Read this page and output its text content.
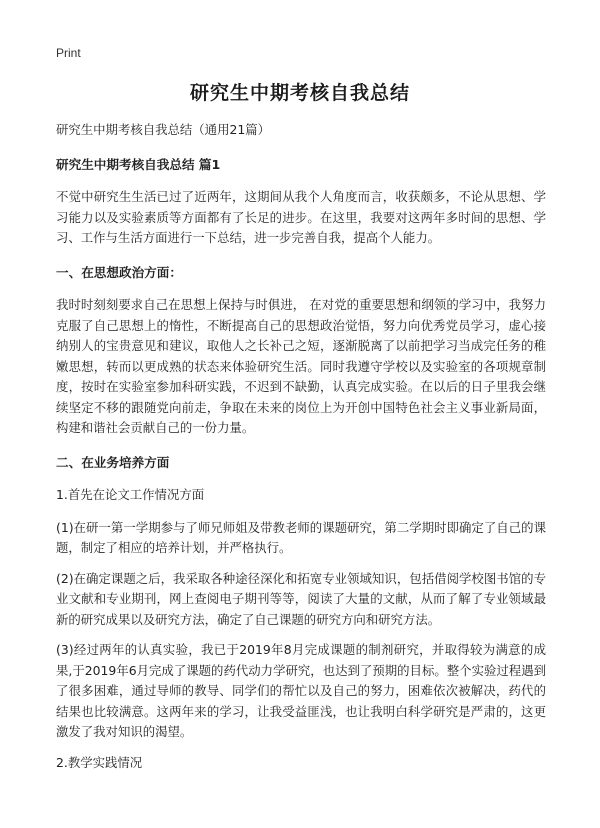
Print
研究生中期考核自我总结

研究生中期考核自我总结（通用21篇）

研究生中期考核自我总结 篇1

不觉中研究生生活已过了近两年，这期间从我个人角度而言，收获颇多，不论从思想、学习能力以及实验素质等方面都有了长足的进步。在这里，我要对这两年多时间的思想、学习、工作与生活方面进行一下总结，进一步完善自我，提高个人能力。

一、在思想政治方面：

我时时刻刻要求自己在思想上保持与时俱进， 在对党的重要思想和纲领的学习中，我努力克服了自己思想上的惰性，不断提高自己的思想政治觉悟，努力向优秀党员学习，虚心接纳别人的宝贵意见和建议，取他人之长补己之短，逐渐脱离了以前把学习当成完任务的稚嫩思想，转而以更成熟的状态来体验研究生活。同时我遵守学校以及实验室的各项规章制度，按时在实验室参加科研实践，不迟到不缺勤，认真完成实验。在以后的日子里我会继续坚定不移的跟随党向前走，争取在未来的岗位上为开创中国特色社会主义事业新局面，构建和谐社会贡献自己的一份力量。

二、在业务培养方面

1.首先在论文工作情况方面

(1)在研一第一学期参与了师兄师姐及带教老师的课题研究，第二学期时即确定了自己的课题，制定了相应的培养计划，并严格执行。

(2)在确定课题之后，我采取各种途径深化和拓宽专业领域知识，包括借阅学校图书馆的专业文献和专业期刊，网上查阅电子期刊等等，阅读了大量的文献，从而了解了专业领域最新的研究成果以及研究方法，确定了自己课题的研究方向和研究方法。

(3)经过两年的认真实验，我已于2019年8月完成课题的制剂研究，并取得较为满意的成果,于2019年6月完成了课题的药代动力学研究，也达到了预期的目标。整个实验过程遇到了很多困难，通过导师的教导、同学们的帮忙以及自己的努力，困难依次被解决，药代的结果也比较满意。这两年来的学习，让我受益匪浅，也让我明白科学研究是严肃的，这更激发了我对知识的渴望。

2.教学实践情况
